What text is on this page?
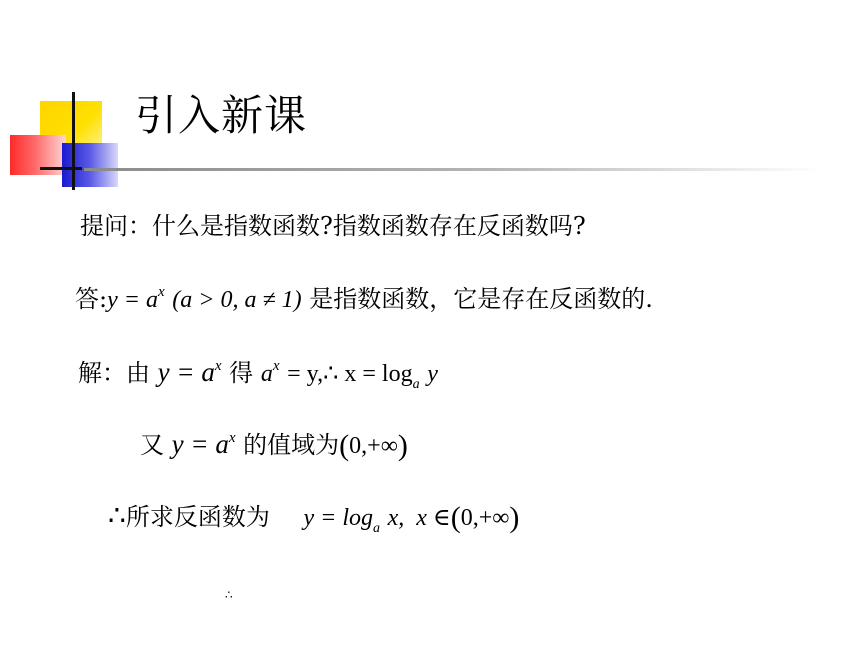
引入新课
提问：什么是指数函数?指数函数存在反函数吗?
答:y = $a^x$ (a > 0, a ≠ 1) 是指数函数，它是存在反函数的.
解：由 $y = a^x$ 得 $a^x$ = y,∴ $x = \log_a y$
又 $y = a^x$ 的值域为(0,+∞)
∴所求反函数为 $y = \log_a x$,  x ∈(0,+∞)
∴
